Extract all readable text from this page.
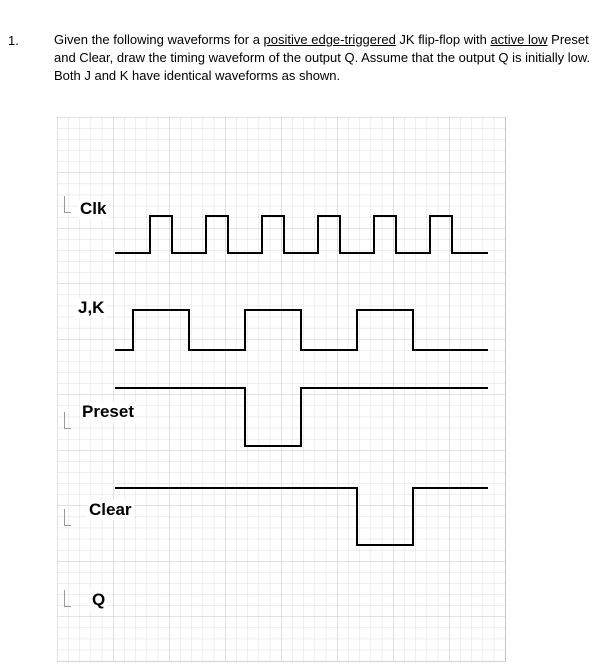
1.	Given the following waveforms for a positive edge-triggered JK flip-flop with active low Preset and Clear, draw the timing waveform of the output Q. Assume that the output Q is initially low. Both J and K have identical waveforms as shown.
Clk
J,K
Preset
Clear
Q
